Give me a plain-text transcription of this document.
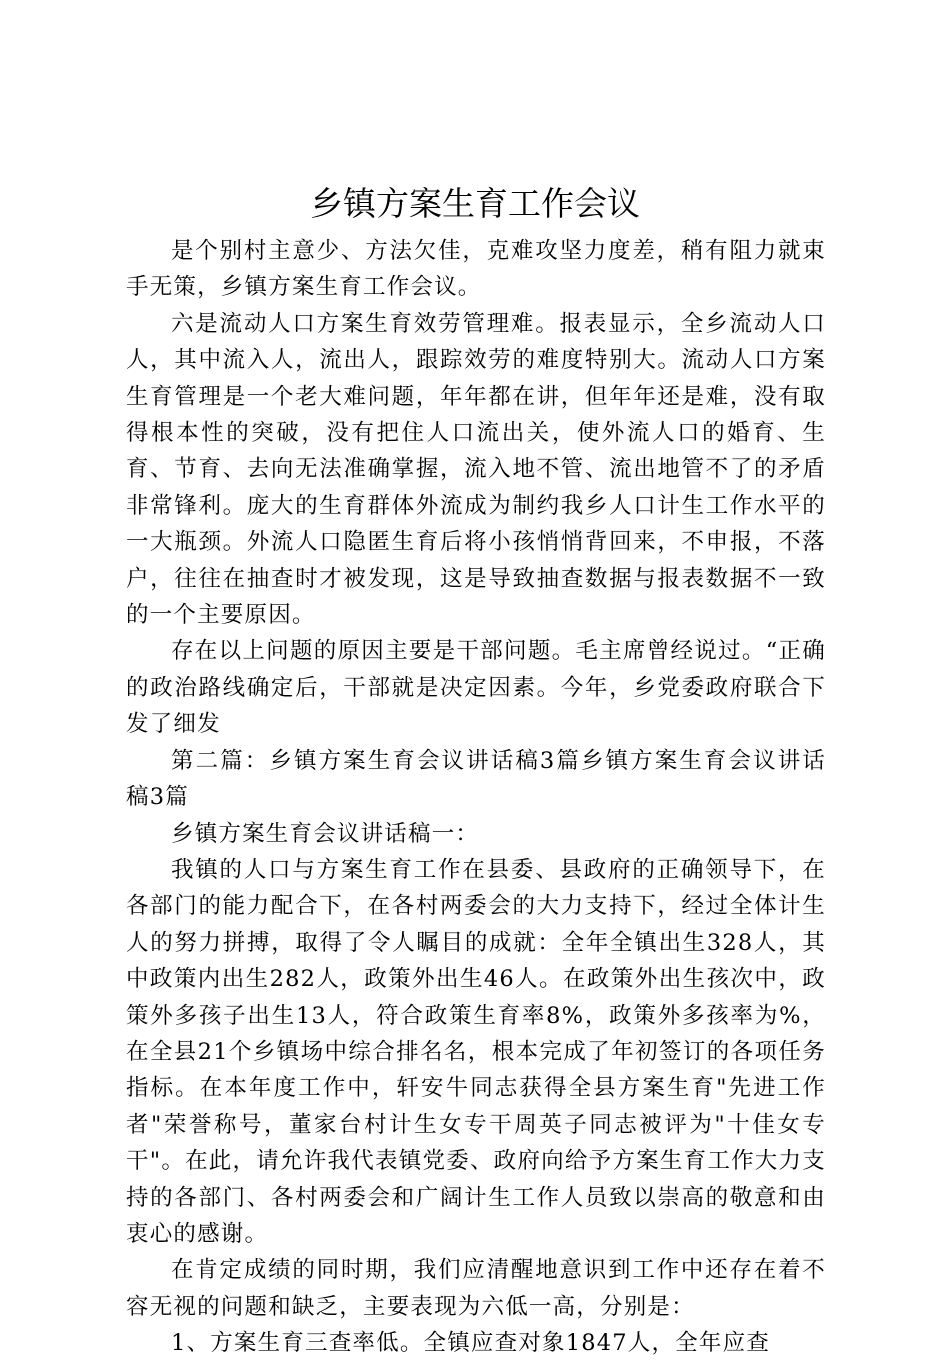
乡镇方案生育工作会议

是个别村主意少、方法欠佳，克难攻坚力度差，稍有阻力就束手无策，乡镇方案生育工作会议。

六是流动人口方案生育效劳管理难。报表显示，全乡流动人口人，其中流入人，流出人，跟踪效劳的难度特别大。流动人口方案生育管理是一个老大难问题，年年都在讲，但年年还是难，没有取得根本性的突破，没有把住人口流出关，使外流人口的婚育、生育、节育、去向无法准确掌握，流入地不管、流出地管不了的矛盾非常锋利。庞大的生育群体外流成为制约我乡人口计生工作水平的一大瓶颈。外流人口隐匿生育后将小孩悄悄背回来，不申报，不落户，往往在抽查时才被发现，这是导致抽查数据与报表数据不一致的一个主要原因。

存在以上问题的原因主要是干部问题。毛主席曾经说过。“正确的政治路线确定后，干部就是决定因素。今年，乡党委政府联合下发了细发

第二篇：乡镇方案生育会议讲话稿3篇乡镇方案生育会议讲话稿3篇

乡镇方案生育会议讲话稿一：

我镇的人口与方案生育工作在县委、县政府的正确领导下，在各部门的能力配合下，在各村两委会的大力支持下，经过全体计生人的努力拼搏，取得了令人瞩目的成就：全年全镇出生328人，其中政策内出生282人，政策外出生46人。在政策外出生孩次中，政策外多孩子出生13人，符合政策生育率8%，政策外多孩率为%，在全县21个乡镇场中综合排名名，根本完成了年初签订的各项任务指标。在本年度工作中，轩安牛同志获得全县方案生育"先进工作者"荣誉称号，董家台村计生女专干周英子同志被评为"十佳女专干"。在此，请允许我代表镇党委、政府向给予方案生育工作大力支持的各部门、各村两委会和广阔计生工作人员致以崇高的敬意和由衷心的感谢。

在肯定成绩的同时期，我们应清醒地意识到工作中还存在着不容无视的问题和缺乏，主要表现为六低一高，分别是：

1、方案生育三查率低。全镇应查对象1847人，全年应查
